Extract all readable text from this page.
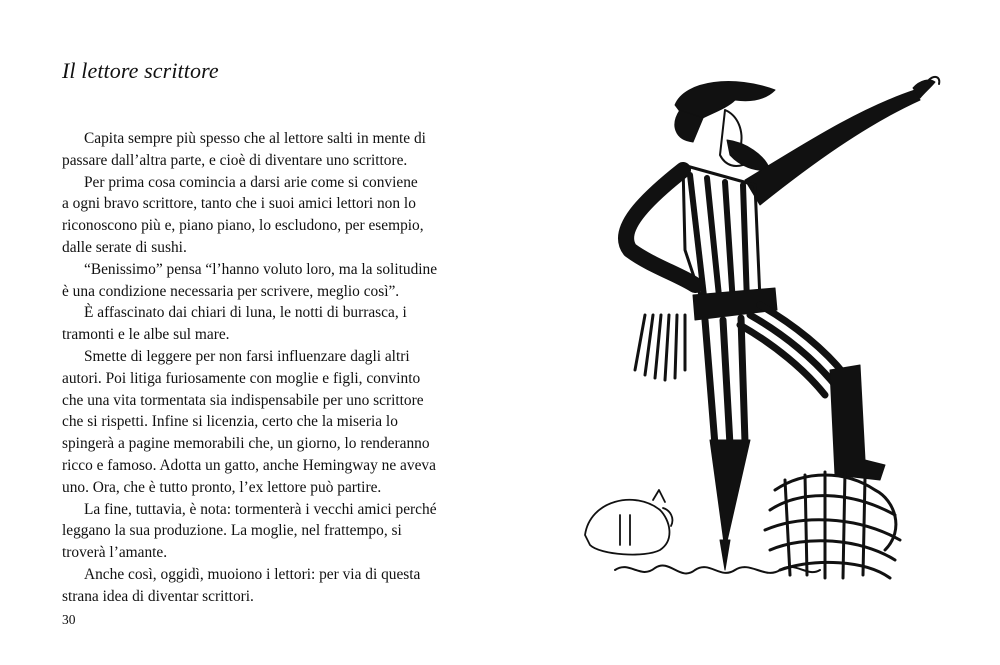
Il lettore scrittore

Capita sempre più spesso che al lettore salti in mente di

passare dall’altra parte, e cioè di diventare uno scrittore.

Per prima cosa comincia a darsi arie come si conviene

a ogni bravo scrittore, tanto che i suoi amici lettori non lo

riconoscono più e, piano piano, lo escludono, per esempio,

dalle serate di sushi.

“Benissimo” pensa “l’hanno voluto loro, ma la solitudine

è una condizione necessaria per scrivere, meglio così”.

È affascinato dai chiari di luna, le notti di burrasca, i

tramonti e le albe sul mare.

Smette di leggere per non farsi influenzare dagli altri

autori. Poi litiga furiosamente con moglie e figli, convinto

che una vita tormentata sia indispensabile per uno scrittore

che si rispetti. Infine si licenzia, certo che la miseria lo

spingerà a pagine memorabili che, un giorno, lo renderanno

ricco e famoso. Adotta un gatto, anche Hemingway ne aveva

uno. Ora, che è tutto pronto, l’ex lettore può partire.

La fine, tuttavia, è nota: tormenterà i vecchi amici perché

leggano la sua produzione. La moglie, nel frattempo, si

troverà l’amante.

Anche così, oggidì, muoiono i lettori: per via di questa

strana idea di diventar scrittori.

30
